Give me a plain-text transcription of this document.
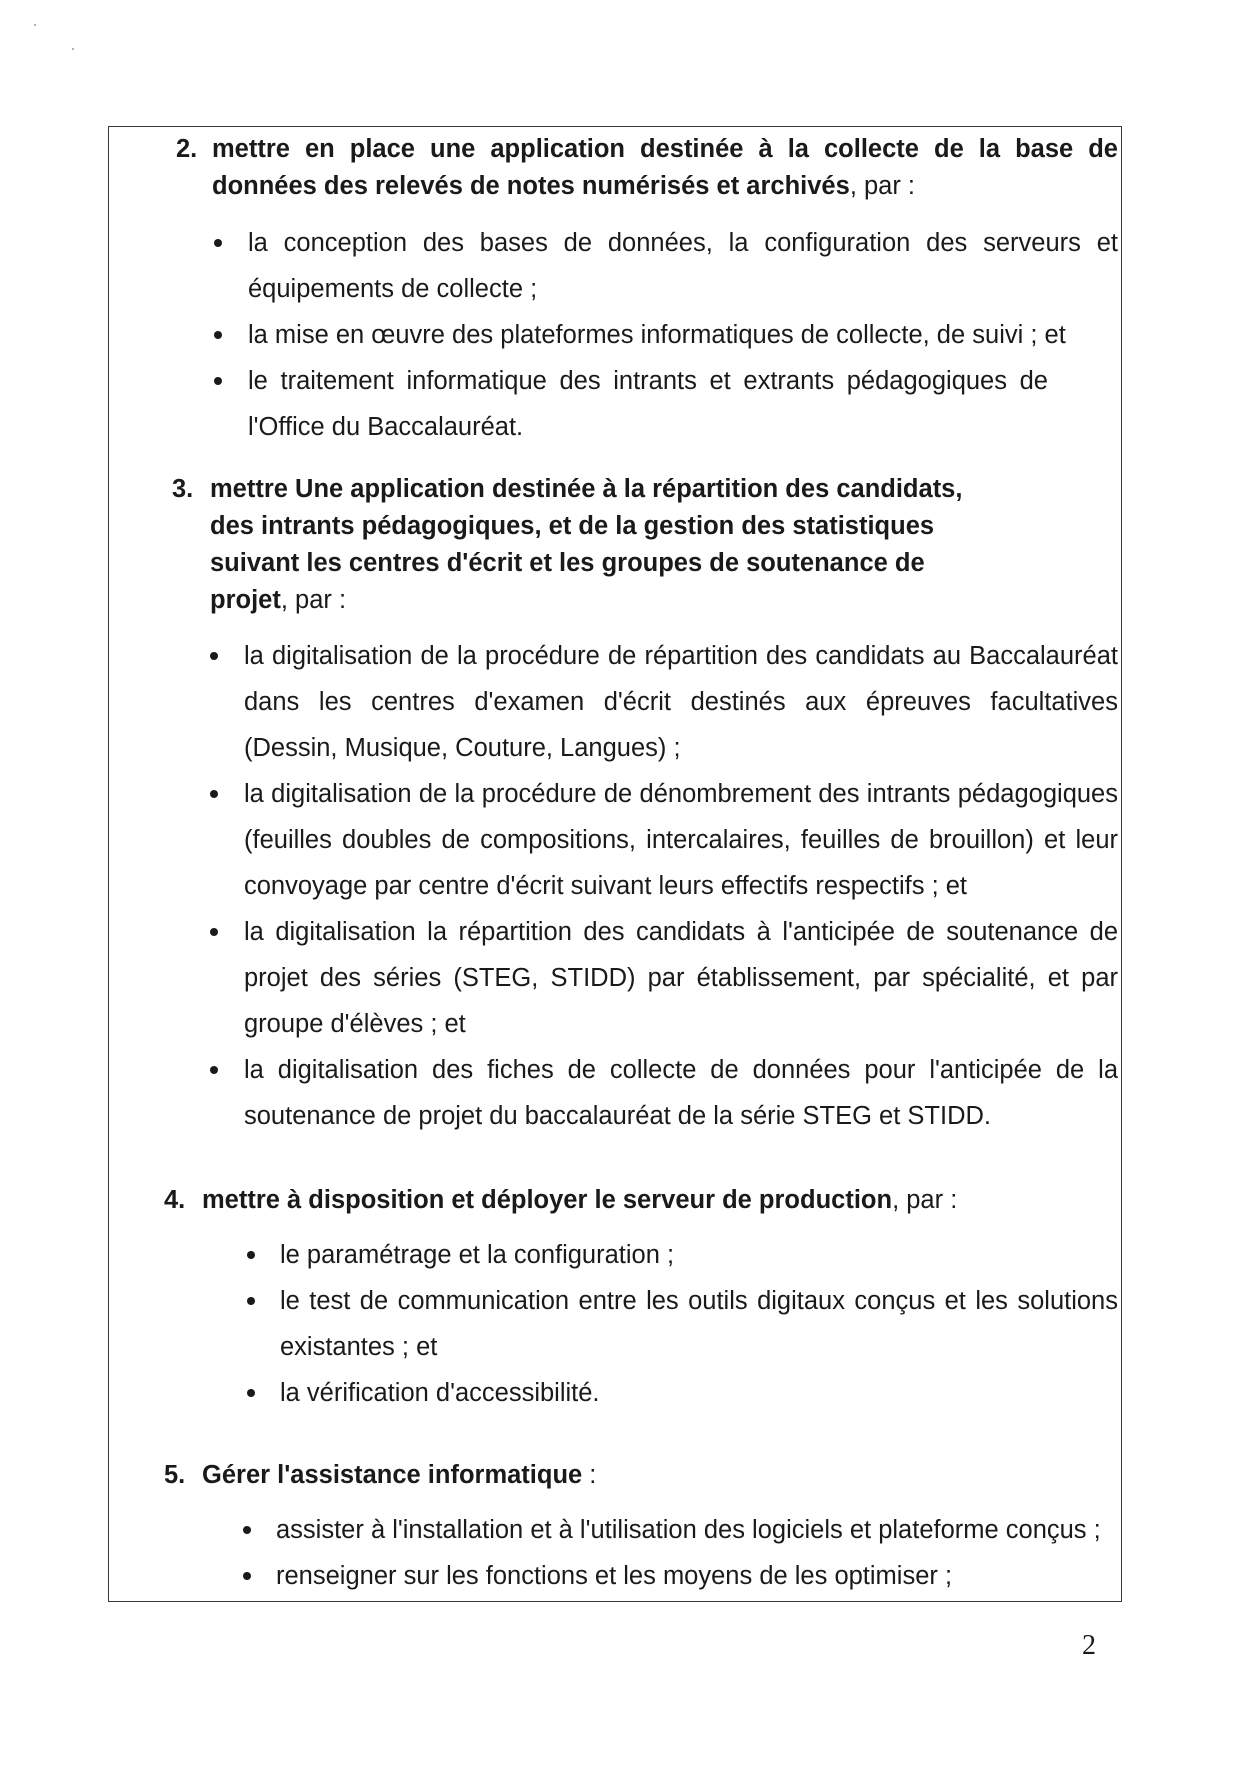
2. mettre en place une application destinée à la collecte de la base de données des relevés de notes numérisés et archivés, par :
la conception des bases de données, la configuration des serveurs et équipements de collecte ;
la mise en œuvre des plateformes informatiques de collecte, de suivi ; et
le traitement informatique des intrants et extrants pédagogiques de l'Office du Baccalauréat.
3. mettre Une application destinée à la répartition des candidats, des intrants pédagogiques, et de la gestion des statistiques suivant les centres d'écrit et les groupes de soutenance de projet, par :
la digitalisation de la procédure de répartition des candidats au Baccalauréat dans les centres d'examen d'écrit destinés aux épreuves facultatives (Dessin, Musique, Couture, Langues) ;
la digitalisation de la procédure de dénombrement des intrants pédagogiques (feuilles doubles de compositions, intercalaires, feuilles de brouillon) et leur convoyage par centre d'écrit suivant leurs effectifs respectifs ; et
la digitalisation la répartition des candidats à l'anticipée de soutenance de projet des séries (STEG, STIDD) par établissement, par spécialité, et par groupe d'élèves ; et
la digitalisation des fiches de collecte de données pour l'anticipée de la soutenance de projet du baccalauréat de la série STEG et STIDD.
4. mettre à disposition et déployer le serveur de production, par :
le paramétrage et la configuration ;
le test de communication entre les outils digitaux conçus et les solutions existantes ; et
la vérification d'accessibilité.
5. Gérer l'assistance informatique :
assister à l'installation et à l'utilisation des logiciels et plateforme conçus ;
renseigner sur les fonctions et les moyens de les optimiser ;
2
